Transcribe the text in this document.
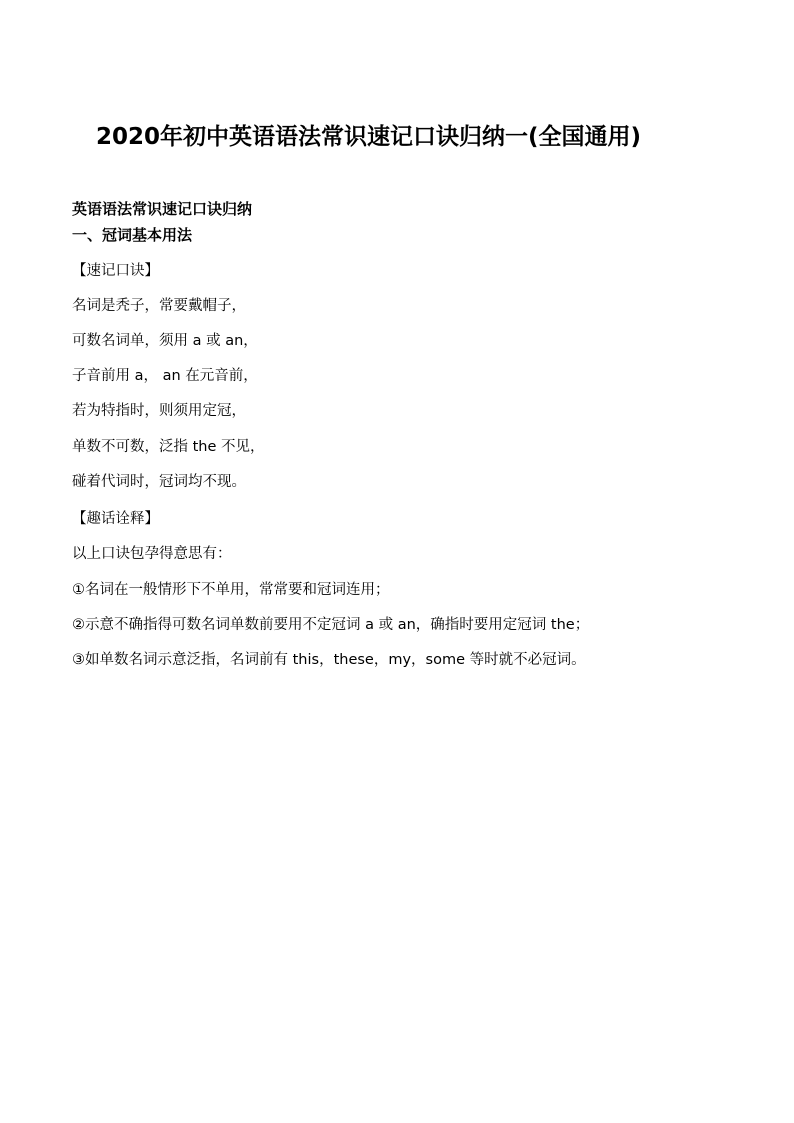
2020年初中英语语法常识速记口诀归纳一(全国通用)
英语语法常识速记口诀归纳
一、冠词基本用法
【速记口诀】
名词是秃子，常要戴帽子，
可数名词单，须用 a 或 an，
子音前用 a， an 在元音前，
若为特指时，则须用定冠，
单数不可数，泛指 the 不见，
碰着代词时，冠词均不现。
【趣话诠释】
以上口诀包孕得意思有：
①名词在一般情形下不单用，常常要和冠词连用；
②示意不确指得可数名词单数前要用不定冠词 a 或 an，确指时要用定冠词 the；
③如单数名词示意泛指，名词前有 this，these，my，some 等时就不必冠词。
